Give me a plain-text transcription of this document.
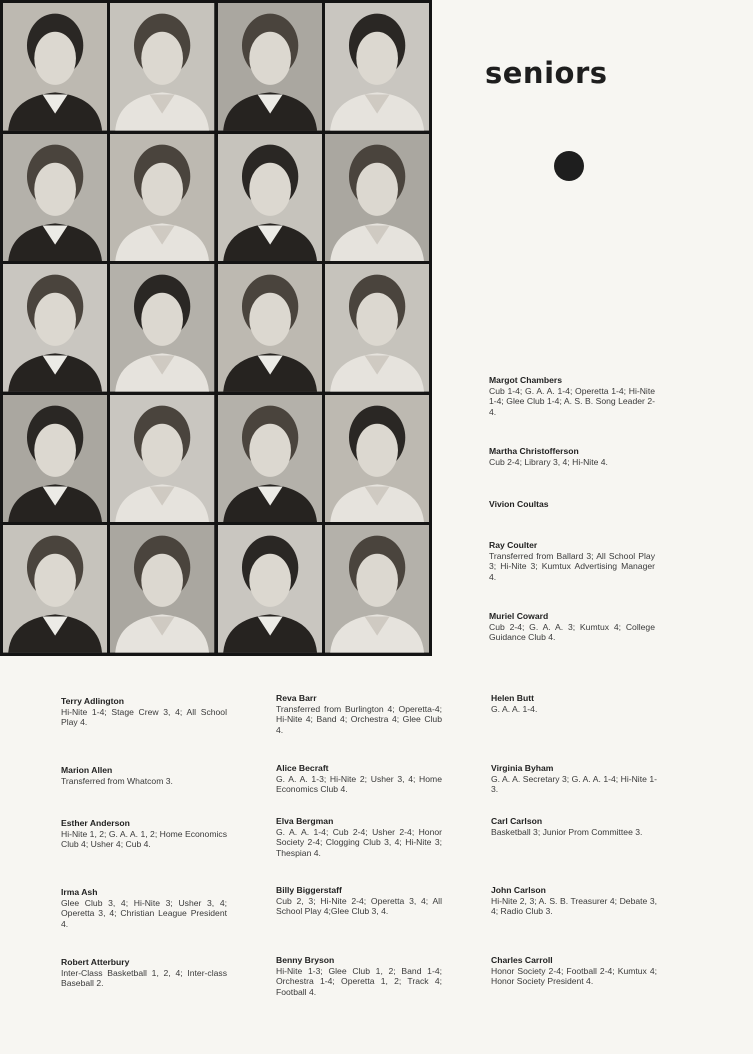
seniors
Margot Chambers
Cub 1-4; G. A. A. 1-4; Operetta 1-4; Hi-Nite 1-4; Glee Club 1-4; A. S. B. Song Leader 2-4.
Martha Christofferson
Cub 2-4; Library 3, 4; Hi-Nite 4.
Vivion Coultas
Ray Coulter
Transferred from Ballard 3; All School Play 3; Hi-Nite 3; Kumtux Advertising Manager 4.
Muriel Coward
Cub 2-4; G. A. A. 3; Kumtux 4; College Guidance Club 4.
Terry Adlington
Hi-Nite 1-4; Stage Crew 3, 4; All School Play 4.
Marion Allen
Transferred from Whatcom 3.
Esther Anderson
Hi-Nite 1, 2; G. A. A. 1, 2; Home Economics Club 4; Usher 4; Cub 4.
Irma Ash
Glee Club 3, 4; Hi-Nite 3; Usher 3, 4; Operetta 3, 4; Christian League President 4.
Robert Atterbury
Inter-Class Basketball 1, 2, 4; Inter-class Baseball 2.
Reva Barr
Transferred from Burlington 4; Operetta-4; Hi-Nite 4; Band 4; Orchestra 4; Glee Club 4.
Alice Becraft
G. A. A. 1-3; Hi-Nite 2; Usher 3, 4; Home Economics Club 4.
Elva Bergman
G. A. A. 1-4; Cub 2-4; Usher 2-4; Honor Society 2-4; Clogging Club 3, 4; Hi-Nite 3; Thespian 4.
Billy Biggerstaff
Cub 2, 3; Hi-Nite 2-4; Operetta 3, 4; All School Play 4;Glee Club 3, 4.
Benny Bryson
Hi-Nite 1-3; Glee Club 1, 2; Band 1-4; Orchestra 1-4; Operetta 1, 2; Track 4; Football 4.
Helen Butt
G. A. A. 1-4.
Virginia Byham
G. A. A. Secretary 3; G. A. A. 1-4; Hi-Nite 1-3.
Carl Carlson
Basketball 3; Junior Prom Committee 3.
John Carlson
Hi-Nite 2, 3; A. S. B. Treasurer 4; Debate 3, 4; Radio Club 3.
Charles Carroll
Honor Society 2-4; Football 2-4; Kumtux 4; Honor Society President 4.
